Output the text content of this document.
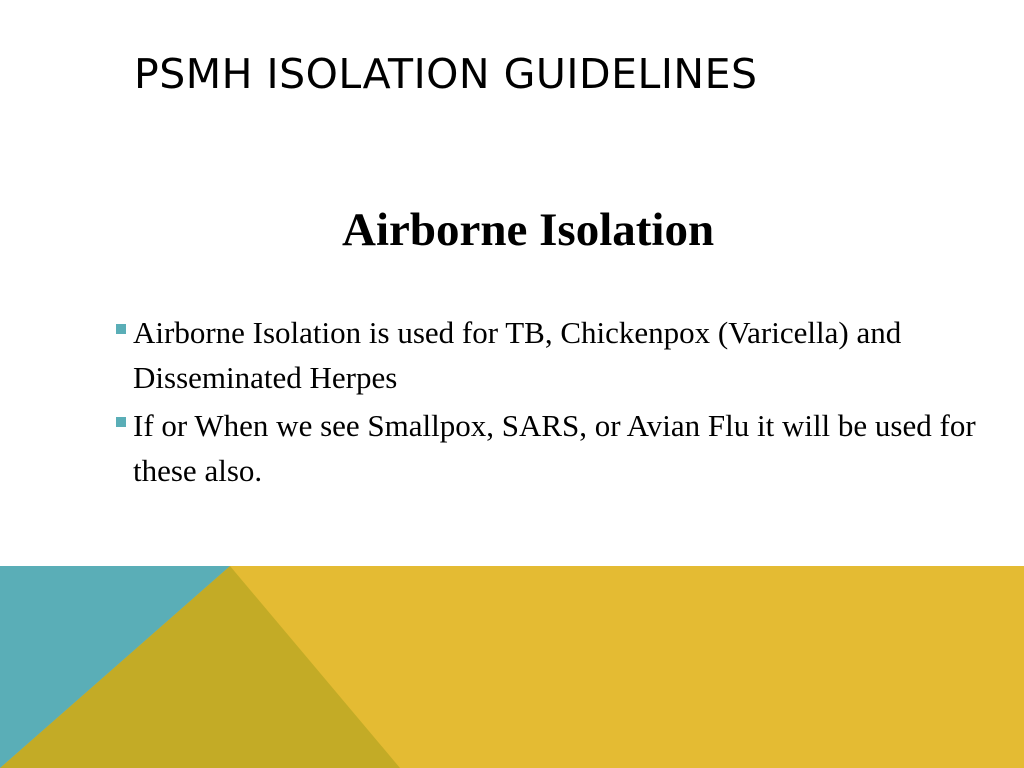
PSMH ISOLATION GUIDELINES
Airborne Isolation
Airborne Isolation is used for TB, Chickenpox (Varicella) and Disseminated Herpes
If or When we see Smallpox, SARS, or Avian Flu it will be used for these also.
